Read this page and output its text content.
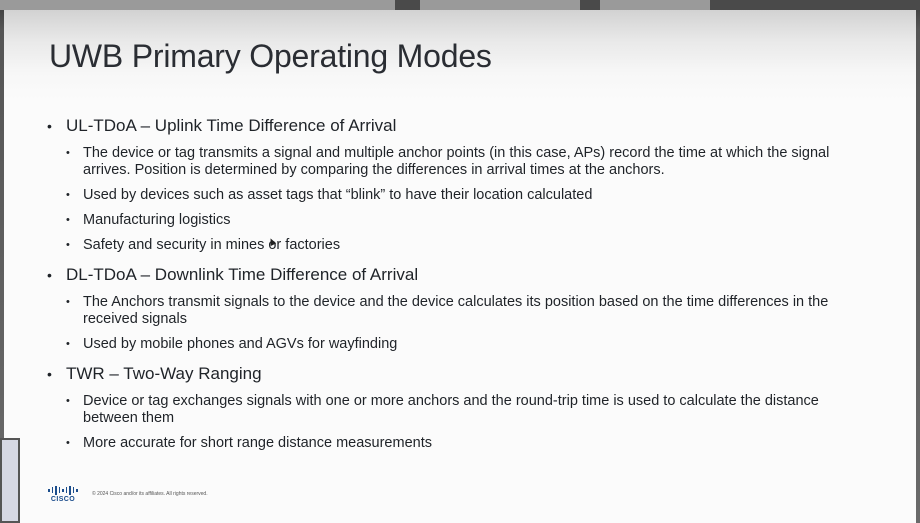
UWB Primary Operating Modes
• UL-TDoA – Uplink Time Difference of Arrival
• The device or tag transmits a signal and multiple anchor points (in this case, APs) record the time at which the signal arrives. Position is determined by comparing the differences in arrival times at the anchors.
• Used by devices such as asset tags that “blink” to have their location calculated
• Manufacturing logistics
• Safety and security in mines or factories
• DL-TDoA – Downlink Time Difference of Arrival
• The Anchors transmit signals to the device and the device calculates its position based on the time differences in the received signals
• Used by mobile phones and AGVs for wayfinding
• TWR – Two-Way Ranging
• Device or tag exchanges signals with one or more anchors and the round-trip time is used to calculate the distance between them
• More accurate for short range distance measurements
CISCO
© 2024 Cisco and/or its affiliates. All rights reserved.
